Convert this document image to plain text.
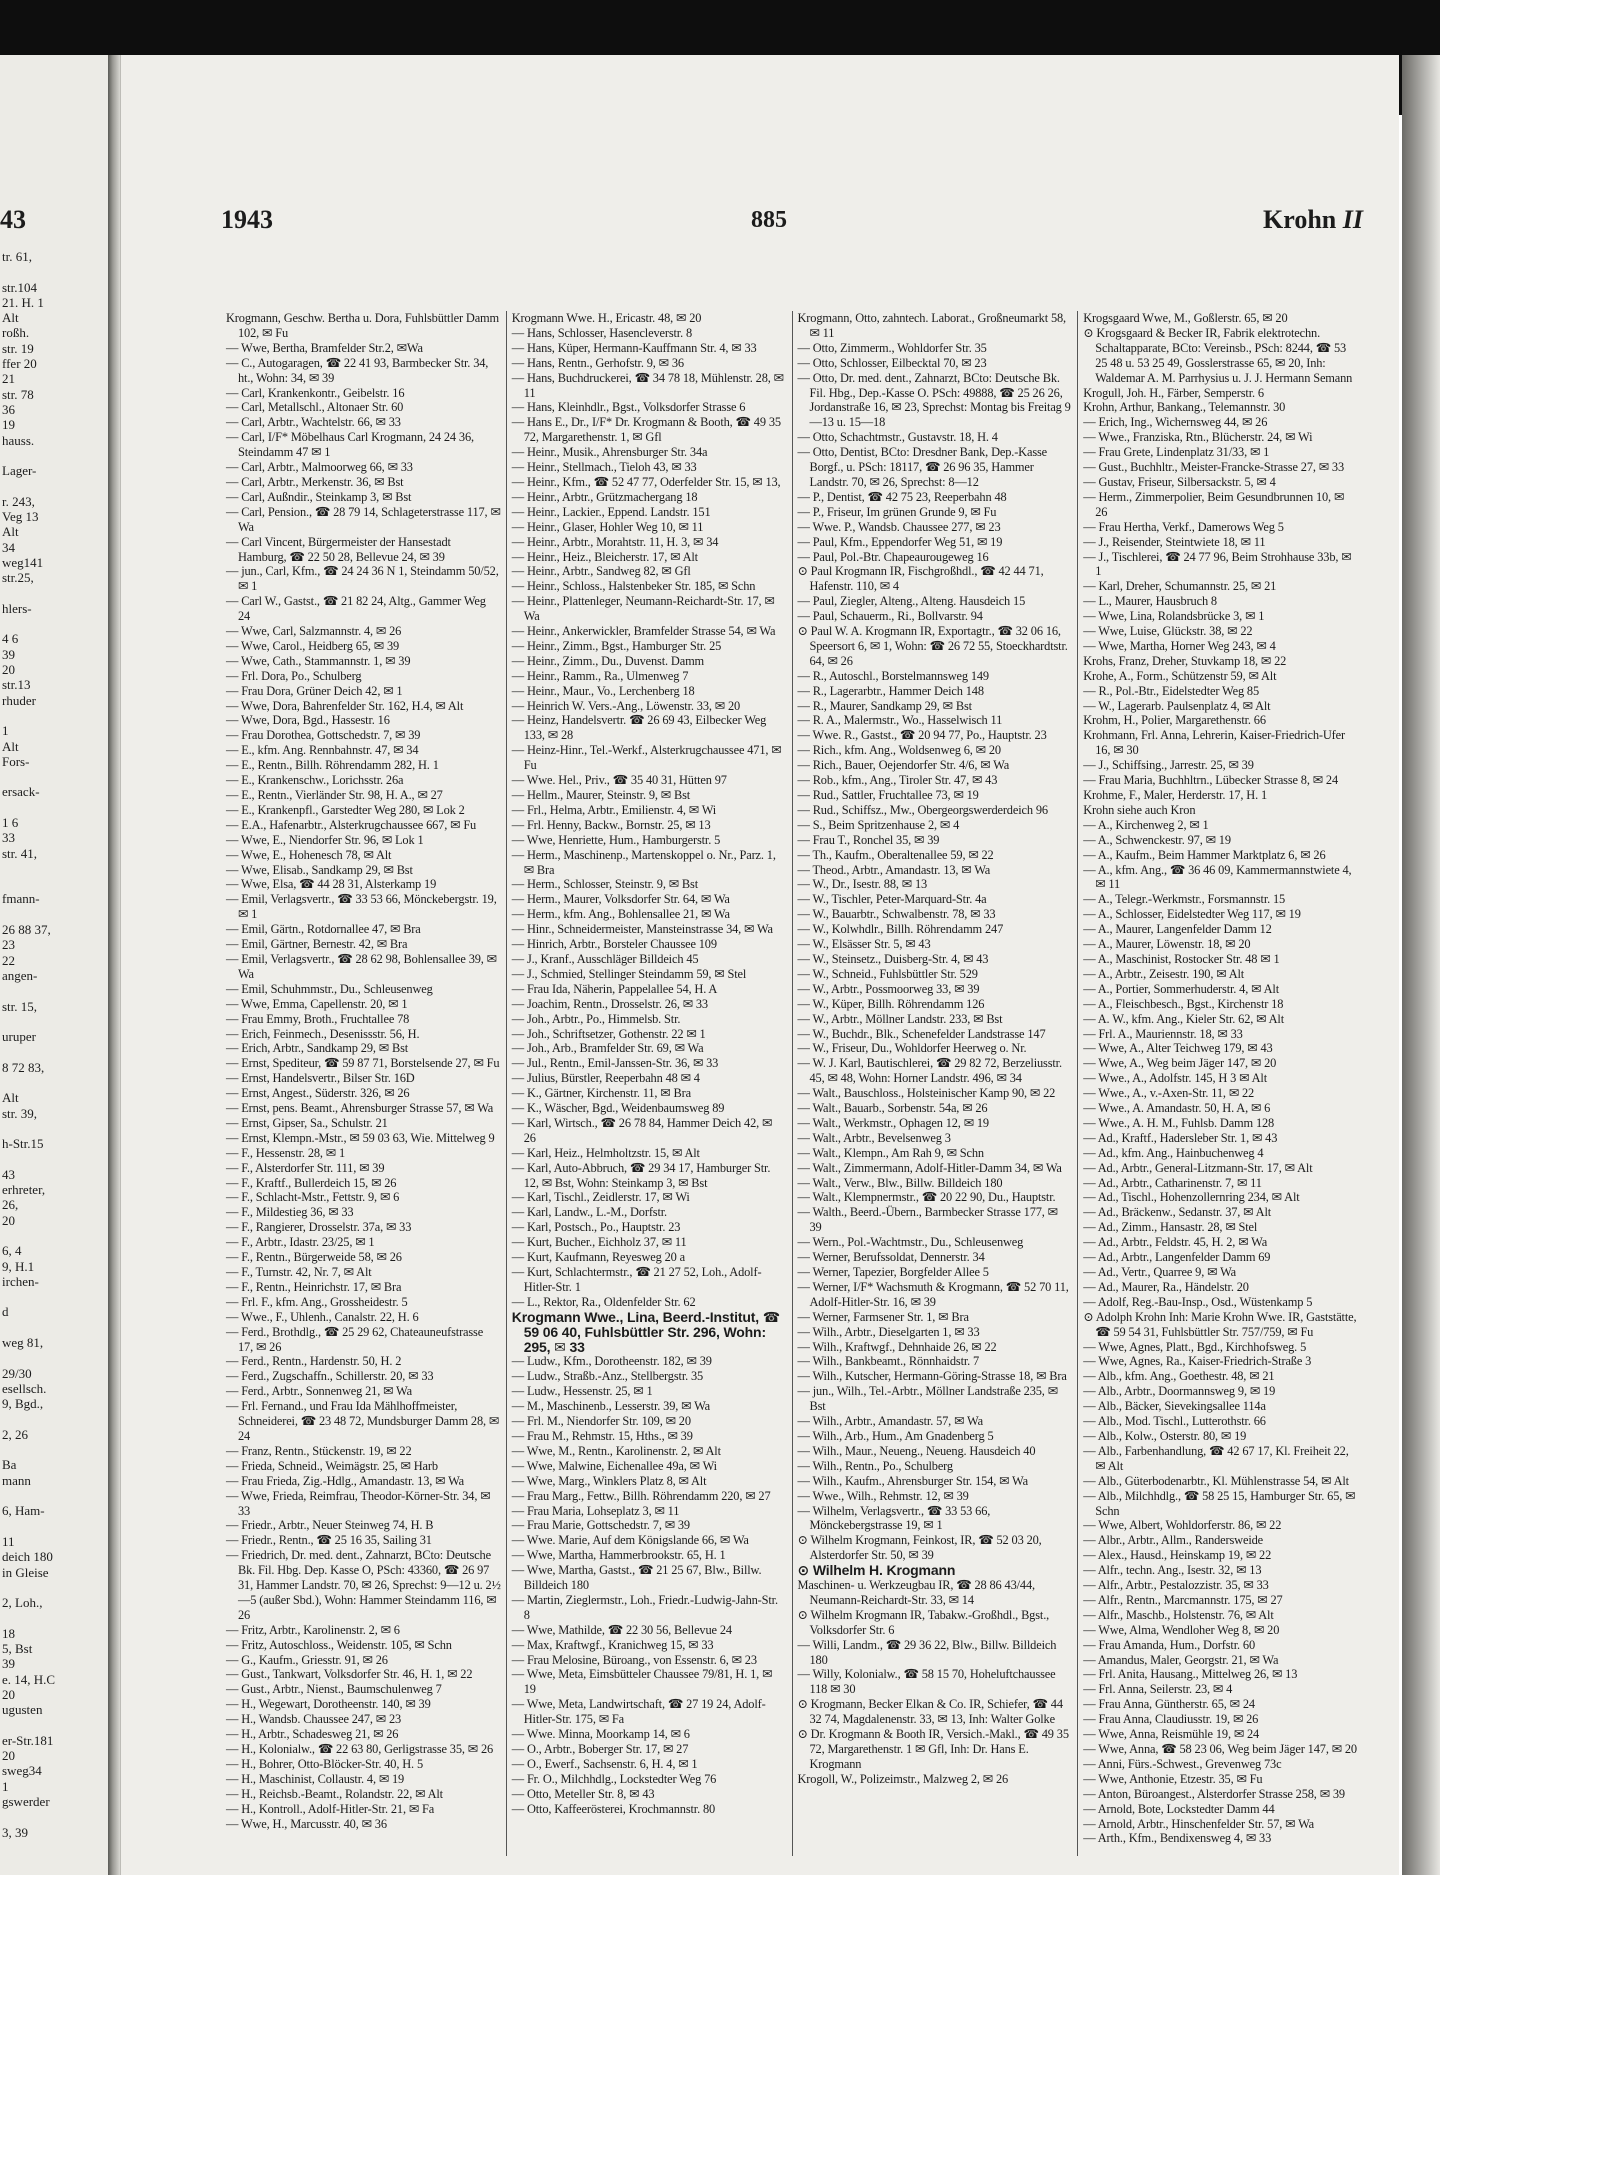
43
tr. 61,

str.104
21. H. 1
Alt
roßh.
str. 19
ffer 20
21
str. 78
36
19
hauss.

Lager-

r. 243,
Veg 13
Alt
34
weg141
str.25,

hlers-

4 6
39
20
str.13
rhuder

1
Alt
Fors-

ersack-

1 6
33
str. 41,

fmann-

26 88 37,
23
22
angen-

str. 15,

uruper

8 72 83,

Alt
str. 39,

h-Str.15

43
erhreter,
26,
20

6, 4
9, H.1
irchen-

d

weg 81,

29/30
esellsch.
9, Bgd.,

2, 26

Ba
mann

6, Ham-

11
deich 180
in Gleise

2, Loh.,

18
5, Bst
39
e. 14, H.C
20
ugusten

er-Str.181
20
sweg34
1
gswerder

3, 39
1943	885	Krohn II
Krogmann, Geschw. Bertha u. Dora, Fuhlsbüttler Damm 102, ✉ Fu
— Wwe, Bertha, Bramfelder Str.2, ✉Wa
— C., Autogaragen, ☎ 22 41 93, Barmbecker Str. 34, ht., Wohn: 34, ✉ 39
— Carl, Krankenkontr., Geibelstr. 16
— Carl, Metallschl., Altonaer Str. 60
— Carl, Arbtr., Wachtelstr. 66, ✉ 33
— Carl, I/F* Möbelhaus Carl Krogmann, 24 24 36, Steindamm 47 ✉ 1
— Carl, Arbtr., Malmoorweg 66, ✉ 33
— Carl, Arbtr., Merkenstr. 36, ✉ Bst
— Carl, Außndir., Steinkamp 3, ✉ Bst
— Carl, Pension., ☎ 28 79 14, Schlageterstrasse 117, ✉ Wa
— Carl Vincent, Bürgermeister der Hansestadt Hamburg, ☎ 22 50 28, Bellevue 24, ✉ 39
— jun., Carl, Kfm., ☎ 24 24 36 N 1, Steindamm 50/52, ✉ 1
— Carl W., Gastst., ☎ 21 82 24, Altg., Gammer Weg 24
— Wwe, Carl, Salzmannstr. 4, ✉ 26
— Wwe, Carol., Heidberg 65, ✉ 39
— Wwe, Cath., Stammannstr. 1, ✉ 39
— Frl. Dora, Po., Schulberg
— Frau Dora, Grüner Deich 42, ✉ 1
— Wwe, Dora, Bahrenfelder Str. 162, H.4, ✉ Alt
— Wwe, Dora, Bgd., Hassestr. 16
— Frau Dorothea, Gottschedstr. 7, ✉ 39
— E., kfm. Ang. Rennbahnstr. 47, ✉ 34
— E., Rentn., Billh. Röhrendamm 282, H. 1
— E., Krankenschw., Lorichsstr. 26a
— E., Rentn., Vierländer Str. 98, H. A., ✉ 27
— E., Krankenpfl., Garstedter Weg 280, ✉ Lok 2
— E.A., Hafenarbtr., Alsterkrugchaussee 667, ✉ Fu
— Wwe, E., Niendorfer Str. 96, ✉ Lok 1
— Wwe, E., Hohenesch 78, ✉ Alt
— Wwe, Elisab., Sandkamp 29, ✉ Bst
— Wwe, Elsa, ☎ 44 28 31, Alsterkamp 19
— Emil, Verlagsvertr., ☎ 33 53 66, Mönckebergstr. 19, ✉ 1
— Emil, Gärtn., Rotdornallee 47, ✉ Bra
— Emil, Gärtner, Bernestr. 42, ✉ Bra
— Emil, Verlagsvertr., ☎ 28 62 98, Bohlensallee 39, ✉ Wa
— Emil, Schuhmmstr., Du., Schleusenweg
— Wwe, Emma, Capellenstr. 20, ✉ 1
— Frau Emmy, Broth., Fruchtallee 78
— Erich, Feinmech., Desenissstr. 56, H.
— Erich, Arbtr., Sandkamp 29, ✉ Bst
— Ernst, Spediteur, ☎ 59 87 71, Borstelsende 27, ✉ Fu
— Ernst, Handelsvertr., Bilser Str. 16D
— Ernst, Angest., Süderstr. 326, ✉ 26
— Ernst, pens. Beamt., Ahrensburger Strasse 57, ✉ Wa
— Ernst, Gipser, Sa., Schulstr. 21
— Ernst, Klempn.-Mstr., ✉ 59 03 63, Wie. Mittelweg 9
— F., Hessenstr. 28, ✉ 1
— F., Alsterdorfer Str. 111, ✉ 39
— F., Kraftf., Bullerdeich 15, ✉ 26
— F., Schlacht-Mstr., Fettstr. 9, ✉ 6
— F., Mildestieg 36, ✉ 33
— F., Rangierer, Drosselstr. 37a, ✉ 33
— F., Arbtr., Idastr. 23/25, ✉ 1
— F., Rentn., Bürgerweide 58, ✉ 26
— F., Turnstr. 42, Nr. 7, ✉ Alt
— F., Rentn., Heinrichstr. 17, ✉ Bra
— Frl. F., kfm. Ang., Grossheidestr. 5
— Wwe., F., Uhlenh., Canalstr. 22, H. 6
— Ferd., Brothdlg., ☎ 25 29 62, Chateauneufstrasse 17, ✉ 26
— Ferd., Rentn., Hardenstr. 50, H. 2
— Ferd., Zugschaffn., Schillerstr. 20, ✉ 33
— Ferd., Arbtr., Sonnenweg 21, ✉ Wa
— Frl. Fernand., und Frau Ida Mählhoffmeister, Schneiderei, ☎ 23 48 72, Mundsburger Damm 28, ✉ 24
— Franz, Rentn., Stückenstr. 19, ✉ 22
— Frieda, Schneid., Weimägstr. 25, ✉ Harb
— Frau Frieda, Zig.-Hdlg., Amandastr. 13, ✉ Wa
— Wwe, Frieda, Reimfrau, Theodor-Körner-Str. 34, ✉ 33
— Friedr., Arbtr., Neuer Steinweg 74, H. B
— Friedr., Rentn., ☎ 25 16 35, Sailing 31
— Friedrich, Dr. med. dent., Zahnarzt, BCto: Deutsche Bk. Fil. Hbg. Dep. Kasse O, PSch: 43360, ☎ 26 97 31, Hammer Landstr. 70, ✉ 26, Sprechst: 9—12 u. 2½—5 (außer Sbd.), Wohn: Hammer Steindamm 116, ✉ 26
— Fritz, Arbtr., Karolinenstr. 2, ✉ 6
— Fritz, Autoschloss., Weidenstr. 105, ✉ Schn
— G., Kaufm., Griesstr. 91, ✉ 26
— Gust., Tankwart, Volksdorfer Str. 46, H. 1, ✉ 22
— Gust., Arbtr., Nienst., Baumschulenweg 7
— H., Wegewart, Dorotheenstr. 140, ✉ 39
— H., Wandsb. Chaussee 247, ✉ 23
— H., Arbtr., Schadesweg 21, ✉ 26
— H., Kolonialw., ☎ 22 63 80, Gerligstrasse 35, ✉ 26
— H., Bohrer, Otto-Blöcker-Str. 40, H. 5
— H., Maschinist, Collaustr. 4, ✉ 19
— H., Reichsb.-Beamt., Rolandstr. 22, ✉ Alt
— H., Kontroll., Adolf-Hitler-Str. 21, ✉ Fa
— Wwe, H., Marcusstr. 40, ✉ 36
Krogmann Wwe. H., Ericastr. 48, ✉ 20
— Hans, Schlosser, Hasencleverstr. 8
— Hans, Küper, Hermann-Kauffmann Str. 4, ✉ 33
— Hans, Rentn., Gerhofstr. 9, ✉ 36
— Hans, Buchdruckerei, ☎ 34 78 18, Mühlenstr. 28, ✉ 11
— Hans, Kleinhdlr., Bgst., Volksdorfer Strasse 6
— Hans E., Dr., I/F* Dr. Krogmann & Booth, ☎ 49 35 72, Margarethenstr. 1, ✉ Gfl
— Heinr., Musik., Ahrensburger Str. 34a
— Heinr., Stellmach., Tieloh 43, ✉ 33
— Heinr., Kfm., ☎ 52 47 77, Oderfelder Str. 15, ✉ 13,
— Heinr., Arbtr., Grützmachergang 18
— Heinr., Lackier., Eppend. Landstr. 151
— Heinr., Glaser, Hohler Weg 10, ✉ 11
— Heinr., Arbtr., Morahtstr. 11, H. 3, ✉ 34
— Heinr., Heiz., Bleicherstr. 17, ✉ Alt
— Heinr., Arbtr., Sandweg 82, ✉ Gfl
— Heinr., Schloss., Halstenbeker Str. 185, ✉ Schn
— Heinr., Plattenleger, Neumann-Reichardt-Str. 17, ✉ Wa
— Heinr., Ankerwickler, Bramfelder Strasse 54, ✉ Wa
— Heinr., Zimm., Bgst., Hamburger Str. 25
— Heinr., Zimm., Du., Duvenst. Damm
— Heinr., Ramm., Ra., Ulmenweg 7
— Heinr., Maur., Vo., Lerchenberg 18
— Heinrich W. Vers.-Ang., Löwenstr. 33, ✉ 20
— Heinz, Handelsvertr. ☎ 26 69 43, Eilbecker Weg 133, ✉ 28
— Heinz-Hinr., Tel.-Werkf., Alsterkrugchaussee 471, ✉ Fu
— Wwe. Hel., Priv., ☎ 35 40 31, Hütten 97
— Hellm., Maurer, Steinstr. 9, ✉ Bst
— Frl., Helma, Arbtr., Emilienstr. 4, ✉ Wi
— Frl. Henny, Backw., Bornstr. 25, ✉ 13
— Wwe, Henriette, Hum., Hamburgerstr. 5
— Herm., Maschinenp., Martenskoppel o. Nr., Parz. 1, ✉ Bra
— Herm., Schlosser, Steinstr. 9, ✉ Bst
— Herm., Maurer, Volksdorfer Str. 64, ✉ Wa
— Herm., kfm. Ang., Bohlensallee 21, ✉ Wa
— Hinr., Schneidermeister, Mansteinstrasse 34, ✉ Wa
— Hinrich, Arbtr., Borsteler Chaussee 109
— J., Kranf., Ausschläger Billdeich 45
— J., Schmied, Stellinger Steindamm 59, ✉ Stel
— Frau Ida, Näherin, Pappelallee 54, H. A
— Joachim, Rentn., Drosselstr. 26, ✉ 33
— Joh., Arbtr., Po., Himmelsb. Str.
— Joh., Schriftsetzer, Gothenstr. 22 ✉ 1
— Joh., Arb., Bramfelder Str. 69, ✉ Wa
— Jul., Rentn., Emil-Janssen-Str. 36, ✉ 33
— Julius, Bürstler, Reeperbahn 48 ✉ 4
— K., Gärtner, Kirchenstr. 11, ✉ Bra
— K., Wäscher, Bgd., Weidenbaumsweg 89
— Karl, Wirtsch., ☎ 26 78 84, Hammer Deich 42, ✉ 26
— Karl, Heiz., Helmholtzstr. 15, ✉ Alt
— Karl, Auto-Abbruch, ☎ 29 34 17, Hamburger Str. 12, ✉ Bst, Wohn: Steinkamp 3, ✉ Bst
— Karl, Tischl., Zeidlerstr. 17, ✉ Wi
— Karl, Landw., L.-M., Dorfstr.
— Karl, Postsch., Po., Hauptstr. 23
— Kurt, Bucher., Eichholz 37, ✉ 11
— Kurt, Kaufmann, Reyesweg 20 a
— Kurt, Schlachtermstr., ☎ 21 27 52, Loh., Adolf-Hitler-Str. 1
— L., Rektor, Ra., Oldenfelder Str. 62
Krogmann Wwe., Lina, Beerd.-Institut, ☎ 59 06 40, Fuhlsbüttler Str. 296, Wohn: 295, ✉ 33
— Ludw., Kfm., Dorotheenstr. 182, ✉ 39
— Ludw., Straßb.-Anz., Stellbergstr. 35
— Ludw., Hessenstr. 25, ✉ 1
— M., Maschinenb., Lesserstr. 39, ✉ Wa
— Frl. M., Niendorfer Str. 109, ✉ 20
— Frau M., Rehmstr. 15, Hths., ✉ 39
— Wwe, M., Rentn., Karolinenstr. 2, ✉ Alt
— Wwe, Malwine, Eichenallee 49a, ✉ Wi
— Wwe, Marg., Winklers Platz 8, ✉ Alt
— Frau Marg., Fettw., Billh. Röhrendamm 220, ✉ 27
— Frau Maria, Lohseplatz 3, ✉ 11
— Frau Marie, Gottschedstr. 7, ✉ 39
— Wwe. Marie, Auf dem Königslande 66, ✉ Wa
— Wwe, Martha, Hammerbrookstr. 65, H. 1
— Wwe, Martha, Gastst., ☎ 21 25 67, Blw., Billw. Billdeich 180
— Martin, Zieglermstr., Loh., Friedr.-Ludwig-Jahn-Str. 8
— Wwe, Mathilde, ☎ 22 30 56, Bellevue 24
— Max, Kraftwgf., Kranichweg 15, ✉ 33
— Frau Melosine, Büroang., von Essenstr. 6, ✉ 23
— Wwe, Meta, Eimsbütteler Chaussee 79/81, H. 1, ✉ 19
— Wwe, Meta, Landwirtschaft, ☎ 27 19 24, Adolf-Hitler-Str. 175, ✉ Fa
— Wwe. Minna, Moorkamp 14, ✉ 6
— O., Arbtr., Boberger Str. 17, ✉ 27
— O., Ewerf., Sachsenstr. 6, H. 4, ✉ 1
— Fr. O., Milchhdlg., Lockstedter Weg 76
— Otto, Meteller Str. 8, ✉ 43
— Otto, Kaffeerösterei, Krochmannstr. 80
Krogmann, Otto, zahntech. Laborat., Großneumarkt 58, ✉ 11
— Otto, Zimmerm., Wohldorfer Str. 35
— Otto, Schlosser, Eilbecktal 70, ✉ 23
— Otto, Dr. med. dent., Zahnarzt, BCto: Deutsche Bk. Fil. Hbg., Dep.-Kasse O. PSch: 49888, ☎ 25 26 26, Jordanstraße 16, ✉ 23, Sprechst: Montag bis Freitag 9—13 u. 15—18
— Otto, Schachtmstr., Gustavstr. 18, H. 4
— Otto, Dentist, BCto: Dresdner Bank, Dep.-Kasse Borgf., u. PSch: 18117, ☎ 26 96 35, Hammer Landstr. 70, ✉ 26, Sprechst: 8—12
— P., Dentist, ☎ 42 75 23, Reeperbahn 48
— P., Friseur, Im grünen Grunde 9, ✉ Fu
— Wwe. P., Wandsb. Chaussee 277, ✉ 23
— Paul, Kfm., Eppendorfer Weg 51, ✉ 19
— Paul, Pol.-Btr. Chapeaurougeweg 16
⊙ Paul Krogmann IR, Fischgroßhdl., ☎ 42 44 71, Hafenstr. 110, ✉ 4
— Paul, Ziegler, Alteng., Alteng. Hausdeich 15
— Paul, Schauerm., Ri., Bollvarstr. 94
⊙ Paul W. A. Krogmann IR, Exportagtr., ☎ 32 06 16, Speersort 6, ✉ 1, Wohn: ☎ 26 72 55, Stoeckhardtstr. 64, ✉ 26
— R., Autoschl., Borstelmannsweg 149
— R., Lagerarbtr., Hammer Deich 148
— R., Maurer, Sandkamp 29, ✉ Bst
— R. A., Malermstr., Wo., Hasselwisch 11
— Wwe. R., Gastst., ☎ 20 94 77, Po., Hauptstr. 23
— Rich., kfm. Ang., Woldsenweg 6, ✉ 20
— Rich., Bauer, Oejendorfer Str. 4/6, ✉ Wa
— Rob., kfm., Ang., Tiroler Str. 47, ✉ 43
— Rud., Sattler, Fruchtallee 73, ✉ 19
— Rud., Schiffsz., Mw., Obergeorgswerderdeich 96
— S., Beim Spritzenhause 2, ✉ 4
— Frau T., Ronchel 35, ✉ 39
— Th., Kaufm., Oberaltenallee 59, ✉ 22
— Theod., Arbtr., Amandastr. 13, ✉ Wa
— W., Dr., Isestr. 88, ✉ 13
— W., Tischler, Peter-Marquard-Str. 4a
— W., Bauarbtr., Schwalbenstr. 78, ✉ 33
— W., Kolwhdlr., Billh. Röhrendamm 247
— W., Elsässer Str. 5, ✉ 43
— W., Steinsetz., Duisberg-Str. 4, ✉ 43
— W., Schneid., Fuhlsbüttler Str. 529
— W., Arbtr., Possmoorweg 33, ✉ 39
— W., Küper, Billh. Röhrendamm 126
— W., Arbtr., Möllner Landstr. 233, ✉ Bst
— W., Buchdr., Blk., Schenefelder Landstrasse 147
— W., Friseur, Du., Wohldorfer Heerweg o. Nr.
— W. J. Karl, Bautischlerei, ☎ 29 82 72, Berzeliusstr. 45, ✉ 48, Wohn: Horner Landstr. 496, ✉ 34
— Walt., Bauschloss., Holsteinischer Kamp 90, ✉ 22
— Walt., Bauarb., Sorbenstr. 54a, ✉ 26
— Walt., Werkmstr., Ophagen 12, ✉ 19
— Walt., Arbtr., Bevelsenweg 3
— Walt., Klempn., Am Rah 9, ✉ Schn
— Walt., Zimmermann, Adolf-Hitler-Damm 34, ✉ Wa
— Walt., Verw., Blw., Billw. Billdeich 180
— Walt., Klempnermstr., ☎ 20 22 90, Du., Hauptstr.
— Walth., Beerd.-Übern., Barmbecker Strasse 177, ✉ 39
— Wern., Pol.-Wachtmstr., Du., Schleusenweg
— Werner, Berufssoldat, Dennerstr. 34
— Werner, Tapezier, Borgfelder Allee 5
— Werner, I/F* Wachsmuth & Krogmann, ☎ 52 70 11, Adolf-Hitler-Str. 16, ✉ 39
— Werner, Farmsener Str. 1, ✉ Bra
— Wilh., Arbtr., Dieselgarten 1, ✉ 33
— Wilh., Kraftwgf., Dehnhaide 26, ✉ 22
— Wilh., Bankbeamt., Rönnhaidstr. 7
— Wilh., Kutscher, Hermann-Göring-Strasse 18, ✉ Bra
— jun., Wilh., Tel.-Arbtr., Möllner Landstraße 235, ✉ Bst
— Wilh., Arbtr., Amandastr. 57, ✉ Wa
— Wilh., Arb., Hum., Am Gnadenberg 5
— Wilh., Maur., Neueng., Neueng. Hausdeich 40
— Wilh., Rentn., Po., Schulberg
— Wilh., Kaufm., Ahrensburger Str. 154, ✉ Wa
— Wwe., Wilh., Rehmstr. 12, ✉ 39
— Wilhelm, Verlagsvertr., ☎ 33 53 66, Mönckebergstrasse 19, ✉ 1
⊙ Wilhelm Krogmann, Feinkost, IR, ☎ 52 03 20, Alsterdorfer Str. 50, ✉ 39
⊙ Wilhelm H. Krogmann
Maschinen- u. Werkzeugbau IR, ☎ 28 86 43/44, Neumann-Reichardt-Str. 33, ✉ 14
⊙ Wilhelm Krogmann IR, Tabakw.-Großhdl., Bgst., Volksdorfer Str. 6
— Willi, Landm., ☎ 29 36 22, Blw., Billw. Billdeich 180
— Willy, Kolonialw., ☎ 58 15 70, Hoheluftchaussee 118 ✉ 30
⊙ Krogmann, Becker Elkan & Co. IR, Schiefer, ☎ 44 32 74, Magdalenenstr. 33, ✉ 13, Inh: Walter Golke
⊙ Dr. Krogmann & Booth IR, Versich.-Makl., ☎ 49 35 72, Margarethenstr. 1 ✉ Gfl, Inh: Dr. Hans E. Krogmann
Krogoll, W., Polizeimstr., Malzweg 2, ✉ 26
Krogsgaard Wwe, M., Goßlerstr. 65, ✉ 20
⊙ Krogsgaard & Becker IR, Fabrik elektrotechn. Schaltapparate, BCto: Vereinsb., PSch: 8244, ☎ 53 25 48 u. 53 25 49, Gosslerstrasse 65, ✉ 20, Inh: Waldemar A. M. Parrhysius u. J. J. Hermann Semann
Krogull, Joh. H., Färber, Semperstr. 6
Krohn, Arthur, Bankang., Telemannstr. 30
— Erich, Ing., Wichernsweg 44, ✉ 26
— Wwe., Franziska, Rtn., Blücherstr. 24, ✉ Wi
— Frau Grete, Lindenplatz 31/33, ✉ 1
— Gust., Buchhltr., Meister-Francke-Strasse 27, ✉ 33
— Gustav, Friseur, Silbersackstr. 5, ✉ 4
— Herm., Zimmerpolier, Beim Gesundbrunnen 10, ✉ 26
— Frau Hertha, Verkf., Damerows Weg 5
— J., Reisender, Steintwiete 18, ✉ 11
— J., Tischlerei, ☎ 24 77 96, Beim Strohhause 33b, ✉ 1
— Karl, Dreher, Schumannstr. 25, ✉ 21
— L., Maurer, Hausbruch 8
— Wwe, Lina, Rolandsbrücke 3, ✉ 1
— Wwe, Luise, Glückstr. 38, ✉ 22
— Wwe, Martha, Horner Weg 243, ✉ 4
Krohs, Franz, Dreher, Stuvkamp 18, ✉ 22
Krohe, A., Form., Schützenstr 59, ✉ Alt
— R., Pol.-Btr., Eidelstedter Weg 85
— W., Lagerarb. Paulsenplatz 4, ✉ Alt
Krohm, H., Polier, Margarethenstr. 66
Krohmann, Frl. Anna, Lehrerin, Kaiser-Friedrich-Ufer 16, ✉ 30
— J., Schiffsing., Jarrestr. 25, ✉ 39
— Frau Maria, Buchhltrn., Lübecker Strasse 8, ✉ 24
Krohme, F., Maler, Herderstr. 17, H. 1
Krohn siehe auch Kron
— A., Kirchenweg 2, ✉ 1
— A., Schwenckestr. 97, ✉ 19
— A., Kaufm., Beim Hammer Marktplatz 6, ✉ 26
— A., kfm. Ang., ☎ 36 46 09, Kammermannstwiete 4, ✉ 11
— A., Telegr.-Werkmstr., Forsmannstr. 15
— A., Schlosser, Eidelstedter Weg 117, ✉ 19
— A., Maurer, Langenfelder Damm 12
— A., Maurer, Löwenstr. 18, ✉ 20
— A., Maschinist, Rostocker Str. 48 ✉ 1
— A., Arbtr., Zeisestr. 190, ✉ Alt
— A., Portier, Sommerhuderstr. 4, ✉ Alt
— A., Fleischbesch., Bgst., Kirchenstr 18
— A. W., kfm. Ang., Kieler Str. 62, ✉ Alt
— Frl. A., Mauriennstr. 18, ✉ 33
— Wwe, A., Alter Teichweg 179, ✉ 43
— Wwe, A., Weg beim Jäger 147, ✉ 20
— Wwe., A., Adolfstr. 145, H 3 ✉ Alt
— Wwe., A., v.-Axen-Str. 11, ✉ 22
— Wwe., A. Amandastr. 50, H. A, ✉ 6
— Wwe., A. H. M., Fuhlsb. Damm 128
— Ad., Kraftf., Hadersleber Str. 1, ✉ 43
— Ad., kfm. Ang., Hainbuchenweg 4
— Ad., Arbtr., General-Litzmann-Str. 17, ✉ Alt
— Ad., Arbtr., Catharinenstr. 7, ✉ 11
— Ad., Tischl., Hohenzollernring 234, ✉ Alt
— Ad., Bräckenw., Sedanstr. 37, ✉ Alt
— Ad., Zimm., Hansastr. 28, ✉ Stel
— Ad., Arbtr., Feldstr. 45, H. 2, ✉ Wa
— Ad., Arbtr., Langenfelder Damm 69
— Ad., Vertr., Quarree 9, ✉ Wa
— Ad., Maurer, Ra., Händelstr. 20
— Adolf, Reg.-Bau-Insp., Osd., Wüstenkamp 5
⊙ Adolph Krohn Inh: Marie Krohn Wwe. IR, Gaststätte, ☎ 59 54 31, Fuhlsbüttler Str. 757/759, ✉ Fu
— Wwe, Agnes, Platt., Bgd., Kirchhofsweg. 5
— Wwe, Agnes, Ra., Kaiser-Friedrich-Straße 3
— Alb., kfm. Ang., Goethestr. 48, ✉ 21
— Alb., Arbtr., Doormannsweg 9, ✉ 19
— Alb., Bäcker, Sievekingsallee 114a
— Alb., Mod. Tischl., Lutterothstr. 66
— Alb., Kolw., Osterstr. 80, ✉ 19
— Alb., Farbenhandlung, ☎ 42 67 17, Kl. Freiheit 22, ✉ Alt
— Alb., Güterbodenarbtr., Kl. Mühlenstrasse 54, ✉ Alt
— Alb., Milchhdlg., ☎ 58 25 15, Hamburger Str. 65, ✉ Schn
— Wwe, Albert, Wohldorferstr. 86, ✉ 22
— Albr., Arbtr., Allm., Randersweide
— Alex., Hausd., Heinskamp 19, ✉ 22
— Alfr., techn. Ang., Isestr. 32, ✉ 13
— Alfr., Arbtr., Pestalozzistr. 35, ✉ 33
— Alfr., Rentn., Marcmannstr. 175, ✉ 27
— Alfr., Maschb., Holstenstr. 76, ✉ Alt
— Wwe, Alma, Wendloher Weg 8, ✉ 20
— Frau Amanda, Hum., Dorfstr. 60
— Amandus, Maler, Georgstr. 21, ✉ Wa
— Frl. Anita, Hausang., Mittelweg 26, ✉ 13
— Frl. Anna, Seilerstr. 23, ✉ 4
— Frau Anna, Güntherstr. 65, ✉ 24
— Frau Anna, Claudiusstr. 19, ✉ 26
— Wwe, Anna, Reismühle 19, ✉ 24
— Wwe, Anna, ☎ 58 23 06, Weg beim Jäger 147, ✉ 20
— Anni, Fürs.-Schwest., Grevenweg 73c
— Wwe, Anthonie, Etzestr. 35, ✉ Fu
— Anton, Büroangest., Alsterdorfer Strasse 258, ✉ 39
— Arnold, Bote, Lockstedter Damm 44
— Arnold, Arbtr., Hinschenfelder Str. 57, ✉ Wa
— Arth., Kfm., Bendixensweg 4, ✉ 33
